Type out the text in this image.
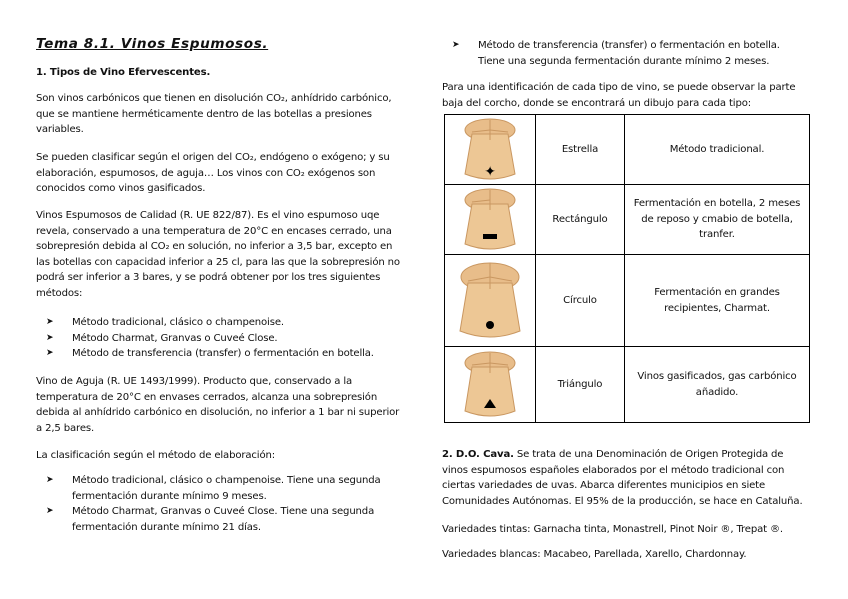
Tema 8.1. Vinos Espumosos.

1. Tipos de Vino Efervescentes.

Son vinos carbónicos que tienen en disolución CO₂, anhídrido carbónico, que se mantiene herméticamente dentro de las botellas a presiones variables.

Se pueden clasificar según el origen del CO₂, endógeno o exógeno; y su elaboración, espumosos, de aguja… Los vinos con CO₂ exógenos son conocidos como vinos gasificados.

Vinos Espumosos de Calidad (R. UE 822/87). Es el vino espumoso uqe revela, conservado a una temperatura de 20°C en encases cerrado, una sobrepresión debida al CO₂ en solución, no inferior a 3,5 bar, excepto en las botellas con capacidad inferior a 25 cl, para las que la sobrepresión no podrá ser inferior a 3 bares, y se podrá obtener por los tres siguientes métodos:

➤ Método tradicional, clásico o champenoise.
➤ Método Charmat, Granvas o Cuveé Close.
➤ Método de transferencia (transfer) o fermentación en botella.

Vino de Aguja (R. UE 1493/1999). Producto que, conservado a la temperatura de 20°C en envases cerrados, alcanza una sobrepresión debida al anhídrido carbónico en disolución, no inferior a 1 bar ni superior a 2,5 bares.

La clasificación según el método de elaboración:

➤ Método tradicional, clásico o champenoise. Tiene una segunda fermentación durante mínimo 9 meses.
➤ Método Charmat, Granvas o Cuveé Close. Tiene una segunda fermentación durante mínimo 21 días.
➤ Método de transferencia (transfer) o fermentación en botella. Tiene una segunda fermentación durante mínimo 2 meses.

Para una identificación de cada tipo de vino, se puede observar la parte baja del corcho, donde se encontrará un dibujo para cada tipo:

✦	Estrella	Método tradicional.

	Rectángulo	Fermentación en botella, 2 meses de reposo y cmabio de botella, tranfer.

	Círculo	Fermentación en grandes recipientes, Charmat.

	Triángulo	Vinos gasificados, gas carbónico añadido.

2. D.O. Cava. Se trata de una Denominación de Origen Protegida de vinos espumosos españoles elaborados por el método tradicional con ciertas variedades de uvas. Abarca diferentes municipios en siete Comunidades Autónomas. El 95% de la producción, se hace en Cataluña.

Variedades tintas: Garnacha tinta, Monastrell, Pinot Noir ®, Trepat ®.

Variedades blancas: Macabeo, Parellada, Xarello, Chardonnay.
